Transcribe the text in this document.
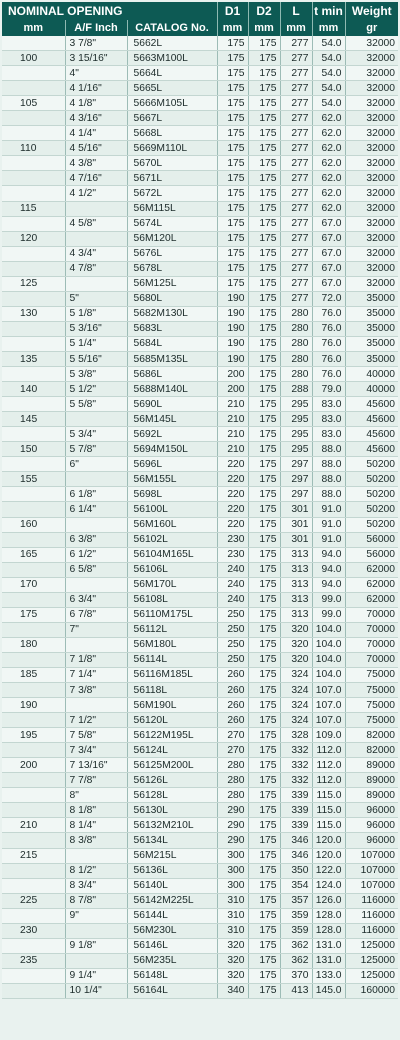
NOMINAL OPENING			D1	D2	L	t min	Weight
mm	A/F Inch	CATALOG No.	mm	mm	mm	mm	gr
	3 7/8"	5662L	175	175	277	54.0	32000
100	3 15/16"	5663M100L	175	175	277	54.0	32000
	4"	5664L	175	175	277	54.0	32000
	4 1/16"	5665L	175	175	277	54.0	32000
105	4 1/8"	5666M105L	175	175	277	54.0	32000
	4 3/16"	5667L	175	175	277	62.0	32000
	4 1/4"	5668L	175	175	277	62.0	32000
110	4 5/16"	5669M110L	175	175	277	62.0	32000
	4 3/8"	5670L	175	175	277	62.0	32000
	4 7/16"	5671L	175	175	277	62.0	32000
	4 1/2"	5672L	175	175	277	62.0	32000
115		56M115L	175	175	277	62.0	32000
	4 5/8"	5674L	175	175	277	67.0	32000
120		56M120L	175	175	277	67.0	32000
	4 3/4"	5676L	175	175	277	67.0	32000
	4 7/8"	5678L	175	175	277	67.0	32000
125		56M125L	175	175	277	67.0	32000
	5"	5680L	190	175	277	72.0	35000
130	5 1/8"	5682M130L	190	175	280	76.0	35000
	5 3/16"	5683L	190	175	280	76.0	35000
	5 1/4"	5684L	190	175	280	76.0	35000
135	5 5/16"	5685M135L	190	175	280	76.0	35000
	5 3/8"	5686L	200	175	280	76.0	40000
140	5 1/2"	5688M140L	200	175	288	79.0	40000
	5 5/8"	5690L	210	175	295	83.0	45600
145		56M145L	210	175	295	83.0	45600
	5 3/4"	5692L	210	175	295	83.0	45600
150	5 7/8"	5694M150L	210	175	295	88.0	45600
	6"	5696L	220	175	297	88.0	50200
155		56M155L	220	175	297	88.0	50200
	6 1/8"	5698L	220	175	297	88.0	50200
	6 1/4"	56100L	220	175	301	91.0	50200
160		56M160L	220	175	301	91.0	50200
	6 3/8"	56102L	230	175	301	91.0	56000
165	6 1/2"	56104M165L	230	175	313	94.0	56000
	6 5/8"	56106L	240	175	313	94.0	62000
170		56M170L	240	175	313	94.0	62000
	6 3/4"	56108L	240	175	313	99.0	62000
175	6 7/8"	56110M175L	250	175	313	99.0	70000
	7"	56112L	250	175	320	104.0	70000
180		56M180L	250	175	320	104.0	70000
	7 1/8"	56114L	250	175	320	104.0	70000
185	7 1/4"	56116M185L	260	175	324	104.0	75000
	7 3/8"	56118L	260	175	324	107.0	75000
190		56M190L	260	175	324	107.0	75000
	7 1/2"	56120L	260	175	324	107.0	75000
195	7 5/8"	56122M195L	270	175	328	109.0	82000
	7 3/4"	56124L	270	175	332	112.0	82000
200	7 13/16"	56125M200L	280	175	332	112.0	89000
	7 7/8"	56126L	280	175	332	112.0	89000
	8"	56128L	280	175	339	115.0	89000
	8 1/8"	56130L	290	175	339	115.0	96000
210	8 1/4"	56132M210L	290	175	339	115.0	96000
	8 3/8"	56134L	290	175	346	120.0	96000
215		56M215L	300	175	346	120.0	107000
	8 1/2"	56136L	300	175	350	122.0	107000
	8 3/4"	56140L	300	175	354	124.0	107000
225	8 7/8"	56142M225L	310	175	357	126.0	116000
	9"	56144L	310	175	359	128.0	116000
230		56M230L	310	175	359	128.0	116000
	9 1/8"	56146L	320	175	362	131.0	125000
235		56M235L	320	175	362	131.0	125000
	9 1/4"	56148L	320	175	370	133.0	125000
	10 1/4"	56164L	340	175	413	145.0	160000
